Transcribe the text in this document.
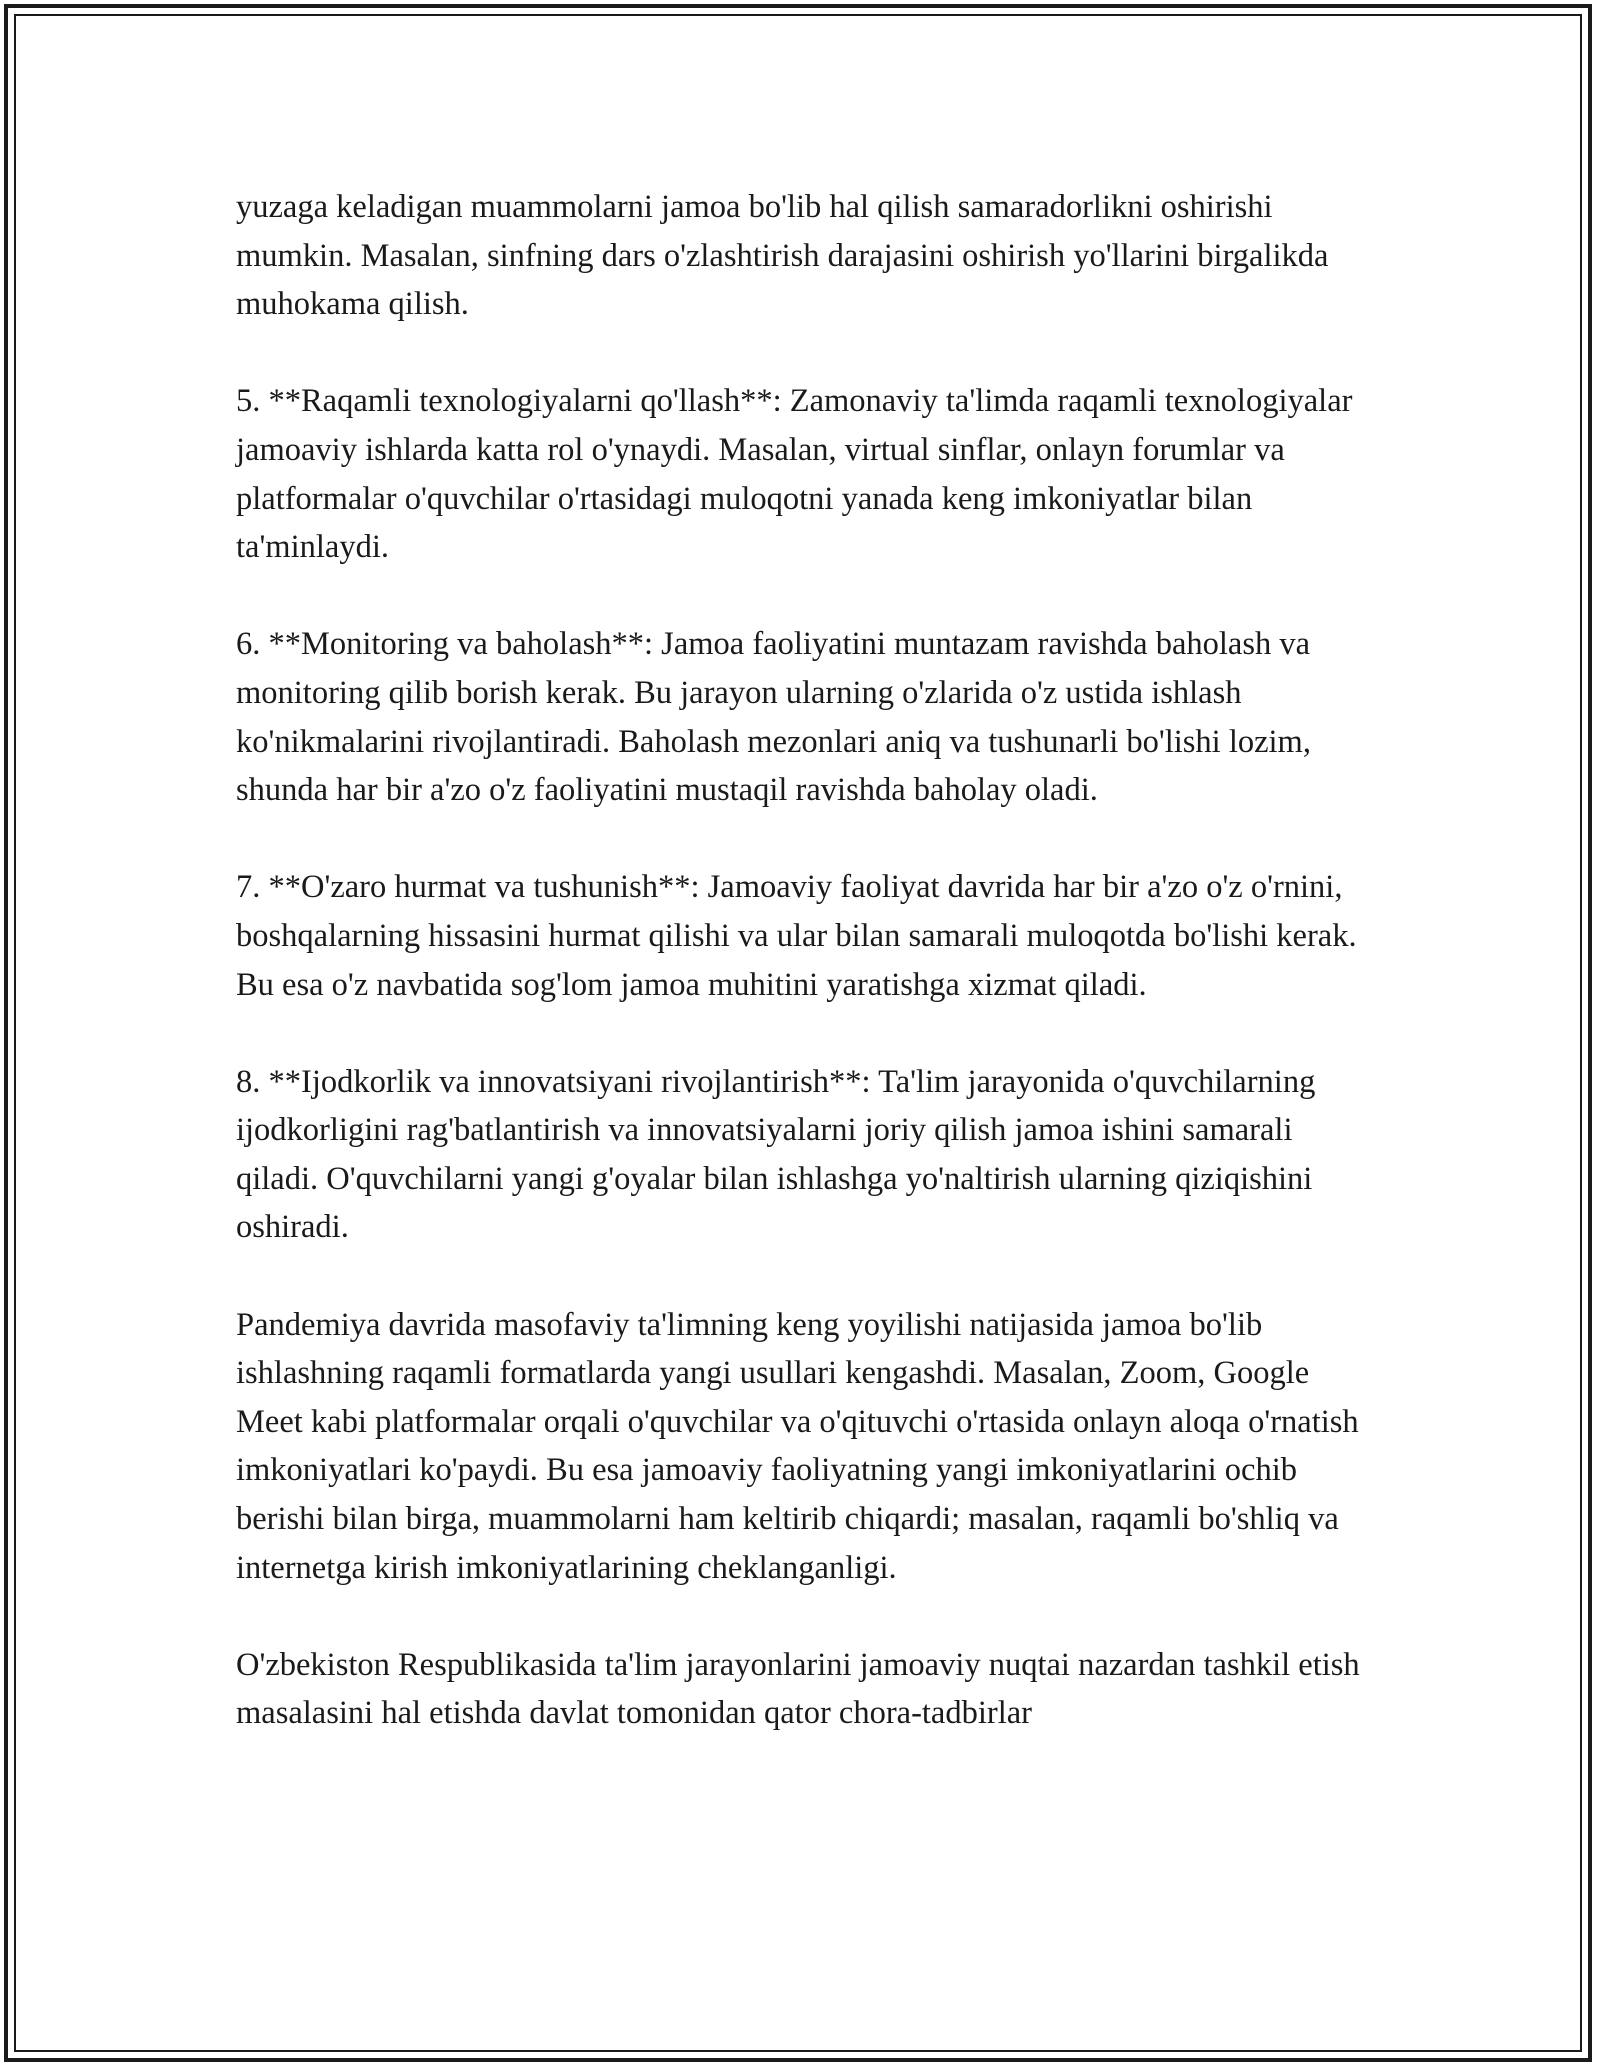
yuzaga keladigan muammolarni jamoa bo'lib hal qilish samaradorlikni oshirishi mumkin. Masalan, sinfning dars o'zlashtirish darajasini oshirish yo'llarini birgalikda muhokama qilish.

5. **Raqamli texnologiyalarni qo'llash**: Zamonaviy ta'limda raqamli texnologiyalar jamoaviy ishlarda katta rol o'ynaydi. Masalan, virtual sinflar, onlayn forumlar va platformalar o'quvchilar o'rtasidagi muloqotni yanada keng imkoniyatlar bilan ta'minlaydi.

6. **Monitoring va baholash**: Jamoa faoliyatini muntazam ravishda baholash va monitoring qilib borish kerak. Bu jarayon ularning o'zlarida o'z ustida ishlash ko'nikmalarini rivojlantiradi. Baholash mezonlari aniq va tushunarli bo'lishi lozim, shunda har bir a'zo o'z faoliyatini mustaqil ravishda baholay oladi.

7. **O'zaro hurmat va tushunish**: Jamoaviy faoliyat davrida har bir a'zo o'z o'rnini, boshqalarning hissasini hurmat qilishi va ular bilan samarali muloqotda bo'lishi kerak. Bu esa o'z navbatida sog'lom jamoa muhitini yaratishga xizmat qiladi.

8. **Ijodkorlik va innovatsiyani rivojlantirish**: Ta'lim jarayonida o'quvchilarning ijodkorligini rag'batlantirish va innovatsiyalarni joriy qilish jamoa ishini samarali qiladi. O'quvchilarni yangi g'oyalar bilan ishlashga yo'naltirish ularning qiziqishini oshiradi.

Pandemiya davrida masofaviy ta'limning keng yoyilishi natijasida jamoa bo'lib ishlashning raqamli formatlarda yangi usullari kengashdi. Masalan, Zoom, Google Meet kabi platformalar orqali o'quvchilar va o'qituvchi o'rtasida onlayn aloqa o'rnatish imkoniyatlari ko'paydi. Bu esa jamoaviy faoliyatning yangi imkoniyatlarini ochib berishi bilan birga, muammolarni ham keltirib chiqardi; masalan, raqamli bo'shliq va internetga kirish imkoniyatlarining cheklanganligi.

O'zbekiston Respublikasida ta'lim jarayonlarini jamoaviy nuqtai nazardan tashkil etish masalasini hal etishda davlat tomonidan qator chora-tadbirlar
